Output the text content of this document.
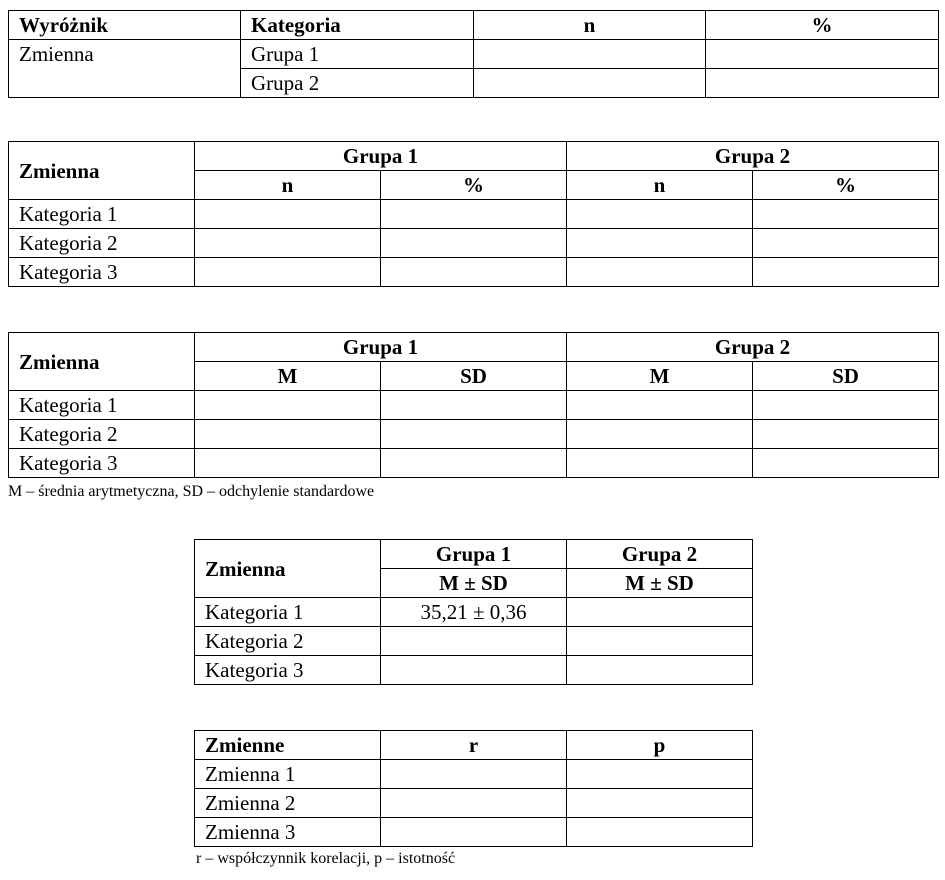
Wyróżnik	Kategoria	n	%
Zmienna	Grupa 1		
	Grupa 2		
Zmienna	Grupa 1		Grupa 2	
	n	%	n	%
Kategoria 1				
Kategoria 2				
Kategoria 3				
Zmienna	Grupa 1		Grupa 2	
	M	SD	M	SD
Kategoria 1				
Kategoria 2				
Kategoria 3				
M – średnia arytmetyczna, SD – odchylenie standardowe
Zmienna	Grupa 1	Grupa 2
	M ± SD	M ± SD
Kategoria 1	35,21 ± 0,36	
Kategoria 2		
Kategoria 3		
Zmienne	r	p
Zmienna 1		
Zmienna 2		
Zmienna 3		
r – współczynnik korelacji, p – istotność
